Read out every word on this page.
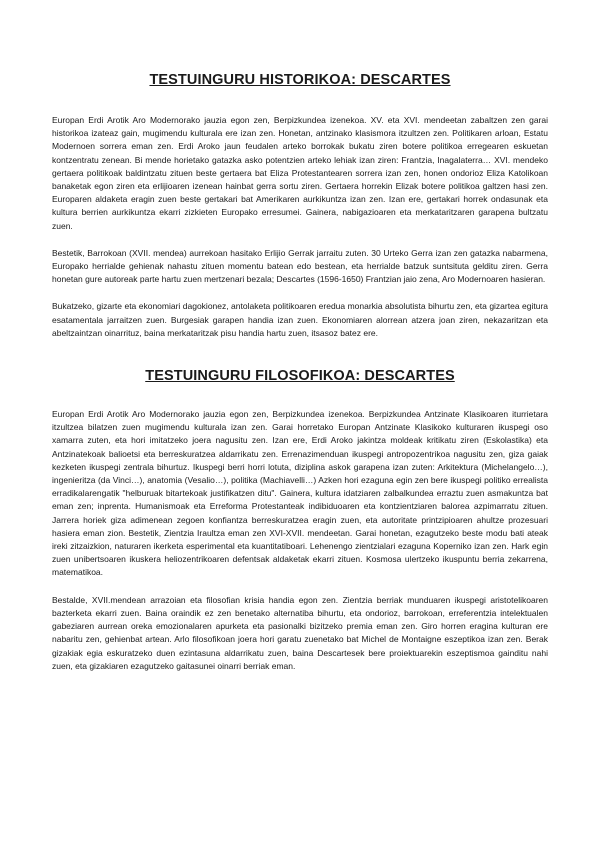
TESTUINGURU HISTORIKOA: DESCARTES

Europan Erdi Arotik Aro Modernorako jauzia egon zen, Berpizkundea izenekoa. XV. eta XVI. mendeetan zabaltzen zen garai historikoa izateaz gain, mugimendu kulturala ere izan zen. Honetan, antzinako klasismora itzultzen zen. Politikaren arloan, Estatu Modernoen sorrera eman zen. Erdi Aroko jaun feudalen arteko borrokak bukatu ziren botere politikoa erregearen eskuetan kontzentratu zenean. Bi mende horietako gatazka asko potentzien arteko lehiak izan ziren: Frantzia, Inagalaterra… XVI. mendeko gertaera politikoak baldintzatu zituen beste gertaera bat Eliza Protestantearen sorrera izan zen, honen ondorioz Eliza Katolikoan banaketak egon ziren eta erlijioaren izenean hainbat gerra sortu ziren. Gertaera horrekin Elizak botere politikoa galtzen hasi zen. Europaren aldaketa eragin zuen beste gertakari bat Amerikaren aurkikuntza izan zen. Izan ere, gertakari horrek ondasunak eta kultura berrien aurkikuntza ekarri zizkieten Europako erresumei. Gainera, nabigazioaren eta merkataritzaren garapena bultzatu zuen.

Bestetik, Barrokoan (XVII. mendea) aurrekoan hasitako Erlijio Gerrak jarraitu zuten. 30 Urteko Gerra izan zen gatazka nabarmena, Europako herrialde gehienak nahastu zituen momentu batean edo bestean, eta herrialde batzuk suntsituta gelditu ziren. Gerra honetan gure autoreak parte hartu zuen mertzenari bezala; Descartes (1596-1650) Frantzian jaio zena, Aro Modernoaren hasieran.

Bukatzeko, gizarte eta ekonomiari dagokionez, antolaketa politikoaren eredua monarkia absolutista bihurtu zen, eta gizartea egitura esatamentala jarraitzen zuen. Burgesiak garapen handia izan zuen. Ekonomiaren alorrean atzera joan ziren, nekazaritzan eta abeltzaintzan oinarrituz, baina merkataritzak pisu handia hartu zuen, itsasoz batez ere.

TESTUINGURU FILOSOFIKOA: DESCARTES

Europan Erdi Arotik Aro Modernorako jauzia egon zen, Berpizkundea izenekoa. Berpizkundea Antzinate Klasikoaren iturrietara itzultzea bilatzen zuen mugimendu kulturala izan zen. Garai horretako Europan Antzinate Klasikoko kulturaren ikuspegi oso xamarra zuten, eta hori imitatzeko joera nagusitu zen. Izan ere, Erdi Aroko jakintza moldeak kritikatu ziren (Eskolastika) eta Antzinatekoak balioetsi eta berreskuratzea aldarrikatu zen. Errenazimenduan ikuspegi antropozentrikoa nagusitu zen, giza gaiak kezketen ikuspegi zentrala bihurtuz. Ikuspegi berri horri lotuta, diziplina askok garapena izan zuten: Arkitektura (Michelangelo…), ingenieritza (da Vinci…), anatomia (Vesalio…), politika (Machiavelli…) Azken hori ezaguna egin zen bere ikuspegi politiko errealista erradikalarengatik "helburuak bitartekoak justifikatzen ditu". Gainera, kultura idatziaren zalbalkundea erraztu zuen asmakuntza bat eman zen; inprenta. Humanismoak eta Erreforma Protestanteak indibiduoaren eta kontzientziaren balorea azpimarratu zituen. Jarrera horiek giza adimenean zegoen konfiantza berreskuratzea eragin zuen, eta autoritate printzipioaren ahultze prozesuari hasiera eman zion. Bestetik, Zientzia Iraultza eman zen XVI-XVII. mendeetan. Garai honetan, ezagutzeko beste modu bati ateak ireki zitzaizkion, naturaren ikerketa esperimental eta kuantitatiboari. Lehenengo zientzialari ezaguna Koperniko izan zen. Hark egin zuen unibertsoaren ikuskera heliozentrikoaren defentsak aldaketak ekarri zituen. Kosmosa ulertzeko ikuspuntu berria zekarrena, matematikoa.

Bestalde, XVII.mendean arrazoian eta filosofian krisia handia egon zen. Zientzia berriak munduaren ikuspegi aristotelikoaren bazterketa ekarri zuen. Baina oraindik ez zen benetako alternatiba bihurtu, eta ondorioz, barrokoan, erreferentzia intelektualen gabeziaren aurrean oreka emozionalaren apurketa eta pasionalki bizitzeko premia eman zen. Giro horren eragina kulturan ere nabaritu zen, gehienbat artean. Arlo filosofikoan joera hori garatu zuenetako bat Michel de Montaigne eszeptikoa izan zen. Berak gizakiak egia eskuratzeko duen ezintasuna aldarrikatu zuen, baina Descartesek bere proiektuarekin eszeptismoa gainditu nahi zuen, eta gizakiaren ezagutzeko gaitasunei oinarri berriak eman.
